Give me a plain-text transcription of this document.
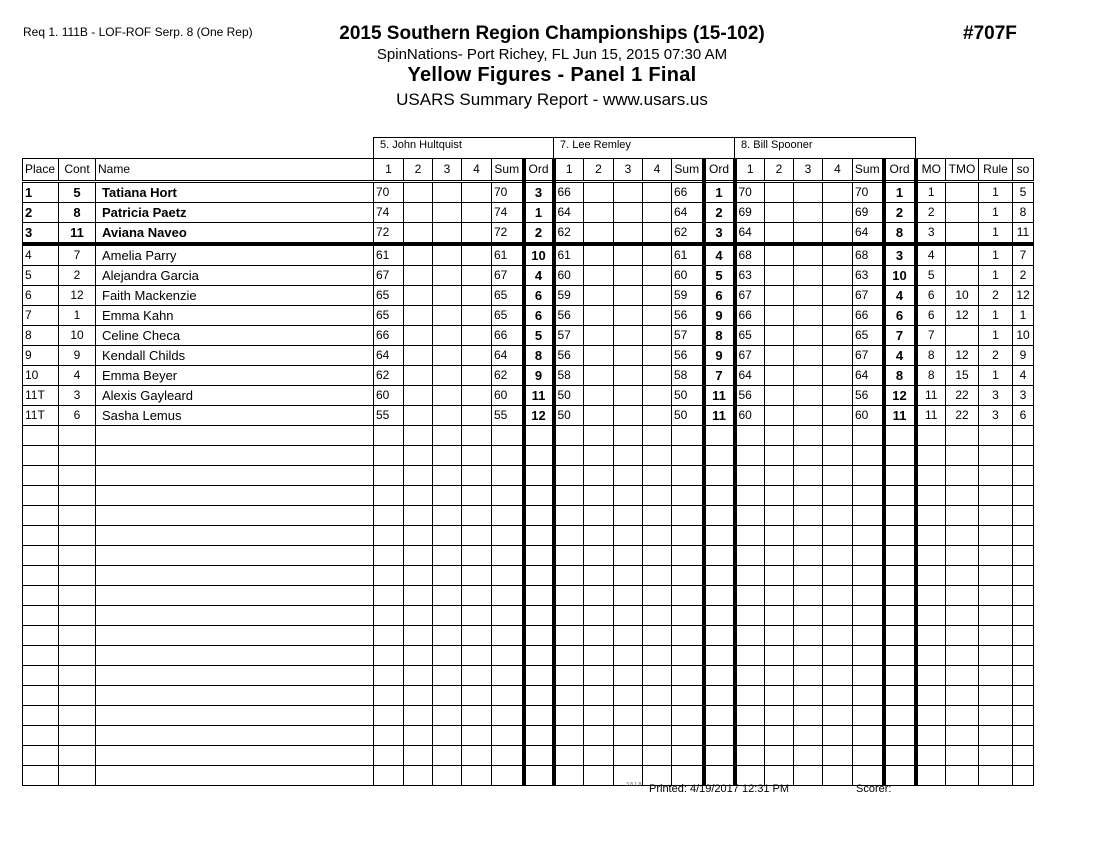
Req 1. 111B - LOF-ROF Serp. 8 (One Rep)	2015 Southern Region Championships (15-102)
SpinNations- Port Richey, FL Jun 15, 2015 07:30 AM
Yellow Figures - Panel 1 Final
USARS Summary Report - www.usars.us
#707F
			5. John Hultquist						7. Lee Remley						8. Bill Spooner									
Place	Cont	Name	1	2	3	4	Sum	Ord	1	2	3	4	Sum	Ord	1	2	3	4	Sum	Ord	MO	TMO	Rule	so
1	5	Tatiana Hort	70				70	3	66				66	1	70				70	1	1		1	5
2	8	Patricia Paetz	74				74	1	64				64	2	69				69	2	2		1	8
3	11	Aviana Naveo	72				72	2	62				62	3	64				64	8	3		1	11
4	7	Amelia Parry	61				61	10	61				61	4	68				68	3	4		1	7
5	2	Alejandra Garcia	67				67	4	60				60	5	63				63	10	5		1	2
6	12	Faith Mackenzie	65				65	6	59				59	6	67				67	4	6	10	2	12
7	1	Emma Kahn	65				65	6	56				56	9	66				66	6	6	12	1	1
8	10	Celine Checa	66				66	5	57				57	8	65				65	7	7		1	10
9	9	Kendall Childs	64				64	8	56				56	9	67				67	4	8	12	2	9
10	4	Emma Beyer	62				62	9	58				58	7	64				64	8	8	15	1	4
11T	3	Alexis Gayleard	60				60	11	50				50	11	56				56	12	11	22	3	3
11T	6	Sasha Lemus	55				55	12	50				50	11	60				60	11	11	22	3	6

3.8.1.8 Printed: 4/19/2017 12:31 PM	Scorer:
